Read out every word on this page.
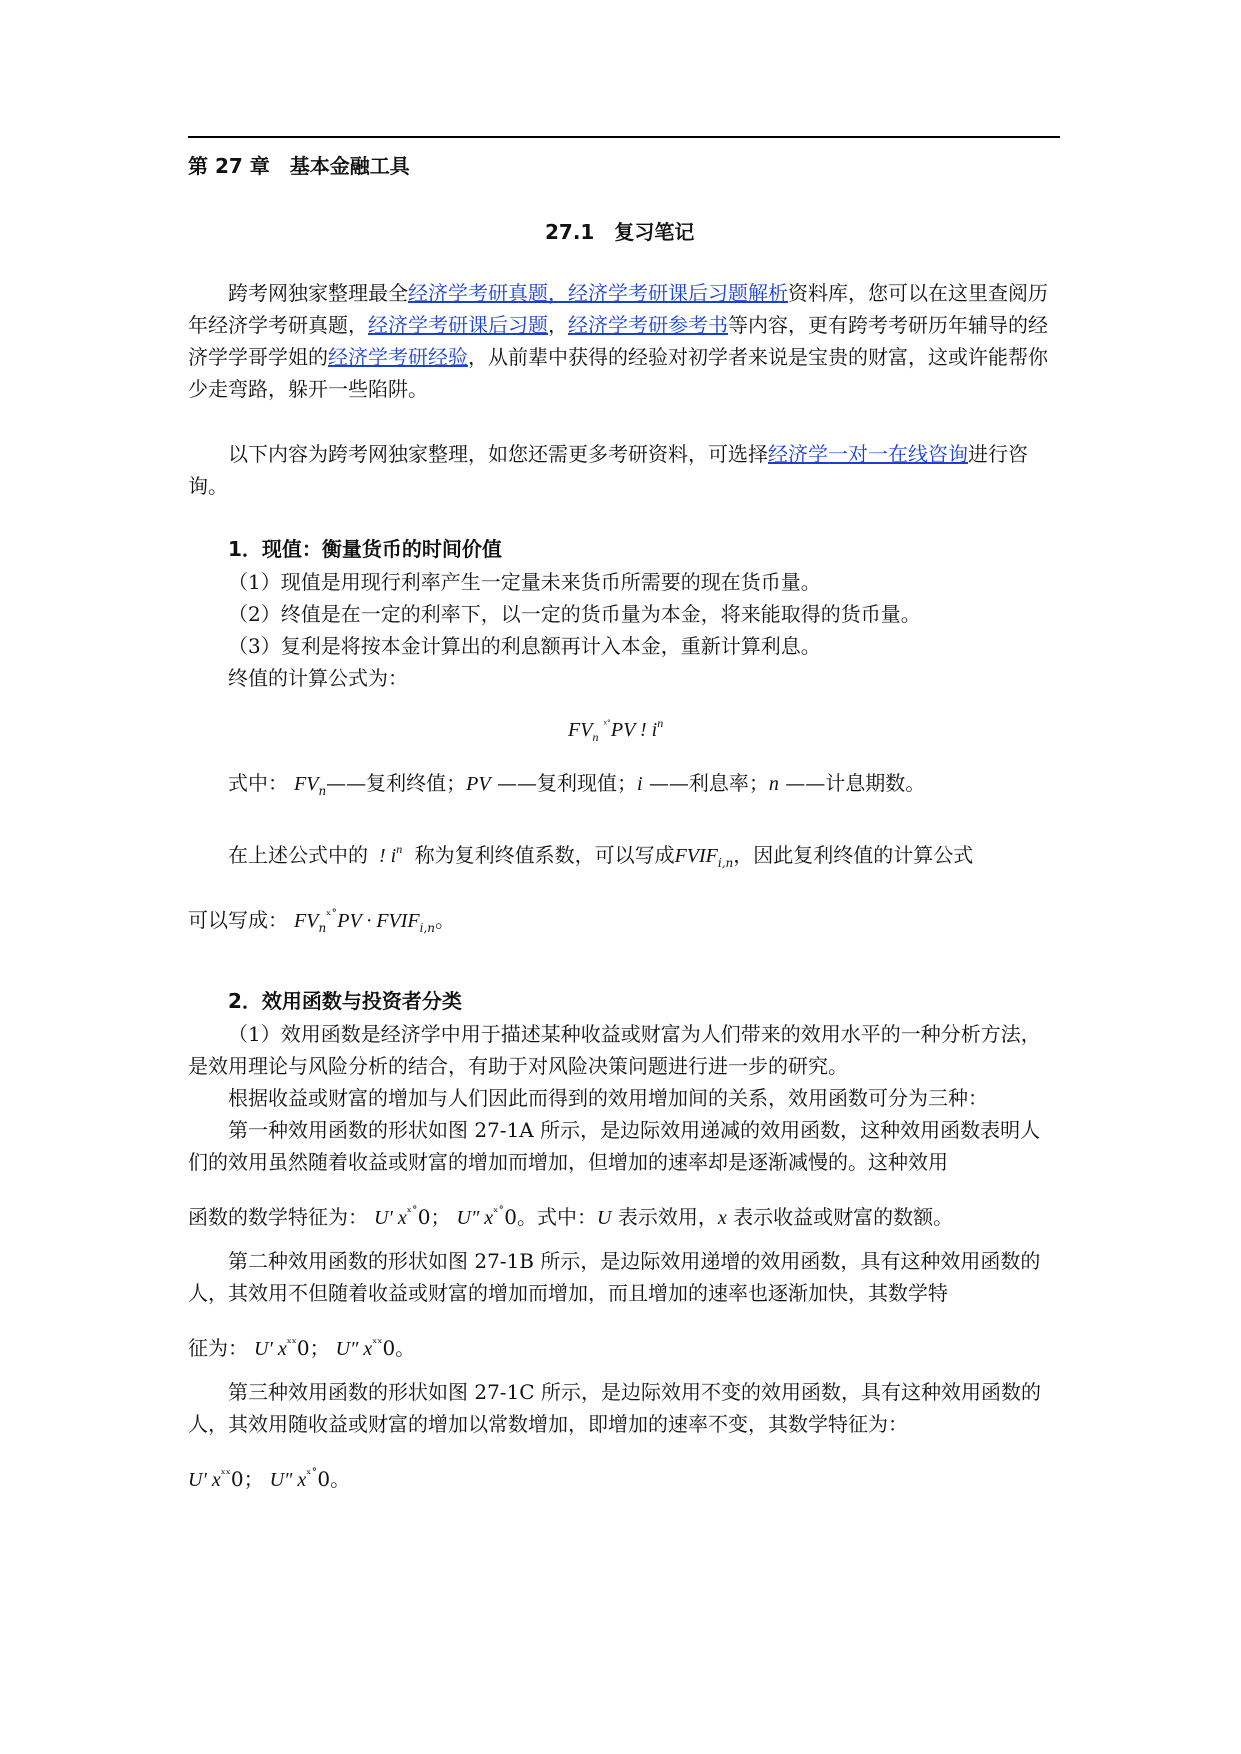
第 27 章　基本金融工具
27.1　复习笔记
跨考网独家整理最全经济学考研真题，经济学考研课后习题解析资料库，您可以在这里查阅历年经济学考研真题，经济学考研课后习题，经济学考研参考书等内容，更有跨考考研历年辅导的经济学学哥学姐的经济学考研经验，从前辈中获得的经验对初学者来说是宝贵的财富，这或许能帮你少走弯路，躲开一些陷阱。
以下内容为跨考网独家整理，如您还需更多考研资料，可选择经济学一对一在线咨询进行咨询。
1．现值：衡量货币的时间价值
（1）现值是用现行利率产生一定量未来货币所需要的现在货币量。
（2）终值是在一定的利率下，以一定的货币量为本金，将来能取得的货币量。
（3）复利是将按本金计算出的利息额再计入本金，重新计算利息。
终值的计算公式为：
$FV_n$ $^{ˣ˚}$PV ! $i^n$
式中： $FV_n——$复利终值；PV ——复利现值；i ——利息率；n ——计息期数。
在上述公式中的 ! $i^n$ 称为复利终值系数，可以写成$FVIF_{i,n}$，因此复利终值的计算公式
可以写成： $FV_n^{ˣ˚}PV$ · $FVIF_{i,n}$。
2．效用函数与投资者分类
（1）效用函数是经济学中用于描述某种收益或财富为人们带来的效用水平的一种分析方法，是效用理论与风险分析的结合，有助于对风险决策问题进行进一步的研究。
根据收益或财富的增加与人们因此而得到的效用增加间的关系，效用函数可分为三种：
第一种效用函数的形状如图 27-1A 所示，是边际效用递减的效用函数，这种效用函数表明人们的效用虽然随着收益或财富的增加而增加，但增加的速率却是逐渐减慢的。这种效用
函数的数学特征为： U′ $x^{ˣ˚}0$； U″ $x^{ˣ˚}0$。式中：U 表示效用，x 表示收益或财富的数额。
第二种效用函数的形状如图 27-1B 所示，是边际效用递增的效用函数，具有这种效用函数的人，其效用不但随着收益或财富的增加而增加，而且增加的速率也逐渐加快，其数学特
征为： U′ $x^{ˣˣ}0$； U″ $x^{ˣˣ}0$。
第三种效用函数的形状如图 27-1C 所示，是边际效用不变的效用函数，具有这种效用函数的人，其效用随收益或财富的增加以常数增加，即增加的速率不变，其数学特征为：
U′ $x^{ˣˣ}0$； U″ $x^{ˣ˚}0$。
